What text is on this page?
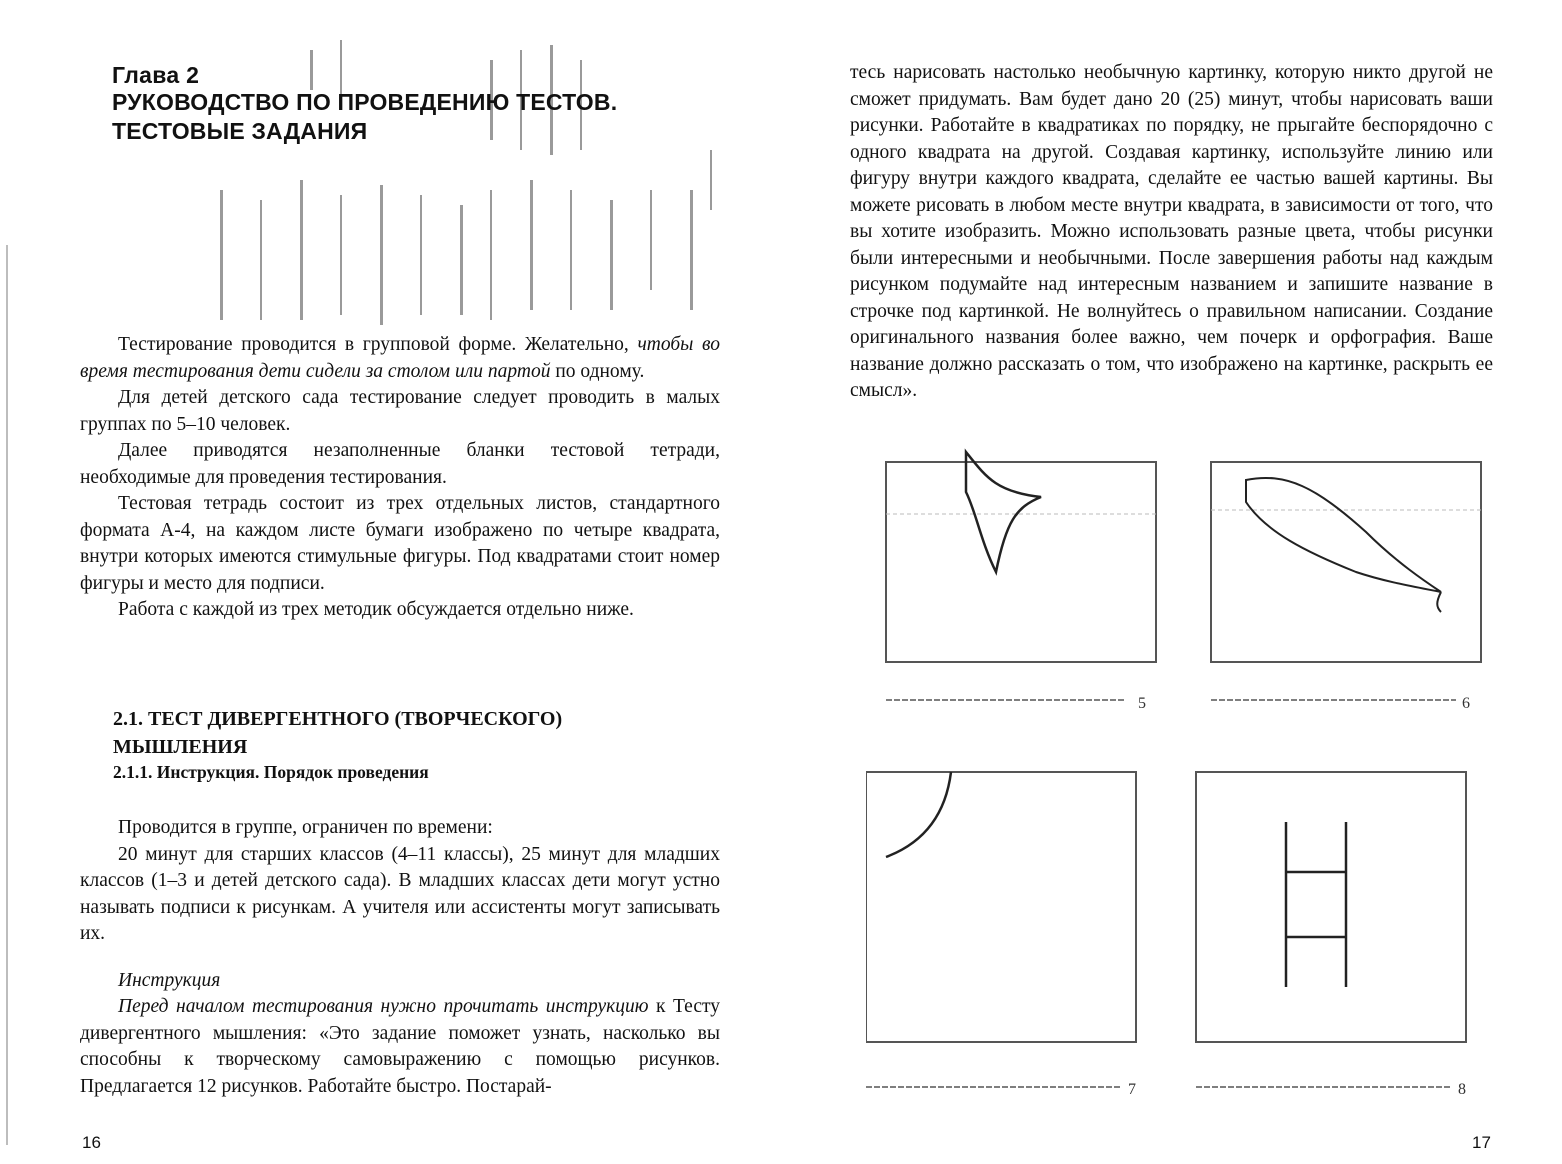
Глава 2
РУКОВОДСТВО ПО ПРОВЕДЕНИЮ ТЕСТОВ. ТЕСТОВЫЕ ЗАДАНИЯ

Тестирование проводится в групповой форме. Желательно, чтобы во время тестирования дети сидели за столом или партой по одному.

Для детей детского сада тестирование следует проводить в малых группах по 5–10 человек.

Далее приводятся незаполненные бланки тестовой тетради, необходимые для проведения тестирования.

Тестовая тетрадь состоит из трех отдельных листов, стандартного формата А-4, на каждом листе бумаги изображено по четыре квадрата, внутри которых имеются стимульные фигуры. Под квадратами стоит номер фигуры и место для подписи.

Работа с каждой из трех методик обсуждается отдельно ниже.

2.1. ТЕСТ ДИВЕРГЕНТНОГО (ТВОРЧЕСКОГО) МЫШЛЕНИЯ
2.1.1. Инструкция. Порядок проведения

Проводится в группе, ограничен по времени:

20 минут для старших классов (4–11 классы), 25 минут для младших классов (1–3 и детей детского сада). В младших классах дети могут устно называть подписи к рисункам. А учителя или ассистенты могут записывать их.

Инструкция

Перед началом тестирования нужно прочитать инструкцию к Тесту дивергентного мышления: «Это задание поможет узнать, насколько вы способны к творческому самовыражению с помощью рисунков. Предлагается 12 рисунков. Работайте быстро. Постарай-

16

тесь нарисовать настолько необычную картинку, которую никто другой не сможет придумать. Вам будет дано 20 (25) минут, чтобы нарисовать ваши рисунки. Работайте в квадратиках по порядку, не прыгайте беспорядочно с одного квадрата на другой. Создавая картинку, используйте линию или фигуру внутри каждого квадрата, сделайте ее частью вашей картины. Вы можете рисовать в любом месте внутри квадрата, в зависимости от того, что вы хотите изобразить. Можно использовать разные цвета, чтобы рисунки были интересными и необычными. После завершения работы над каждым рисунком подумайте над интересным названием и запишите название в строчке под картинкой. Не волнуйтесь о правильном написании. Создание оригинального названия более важно, чем почерк и орфография. Ваше название должно рассказать о том, что изображено на картинке, раскрыть ее смысл».

5	6
7	8
17
